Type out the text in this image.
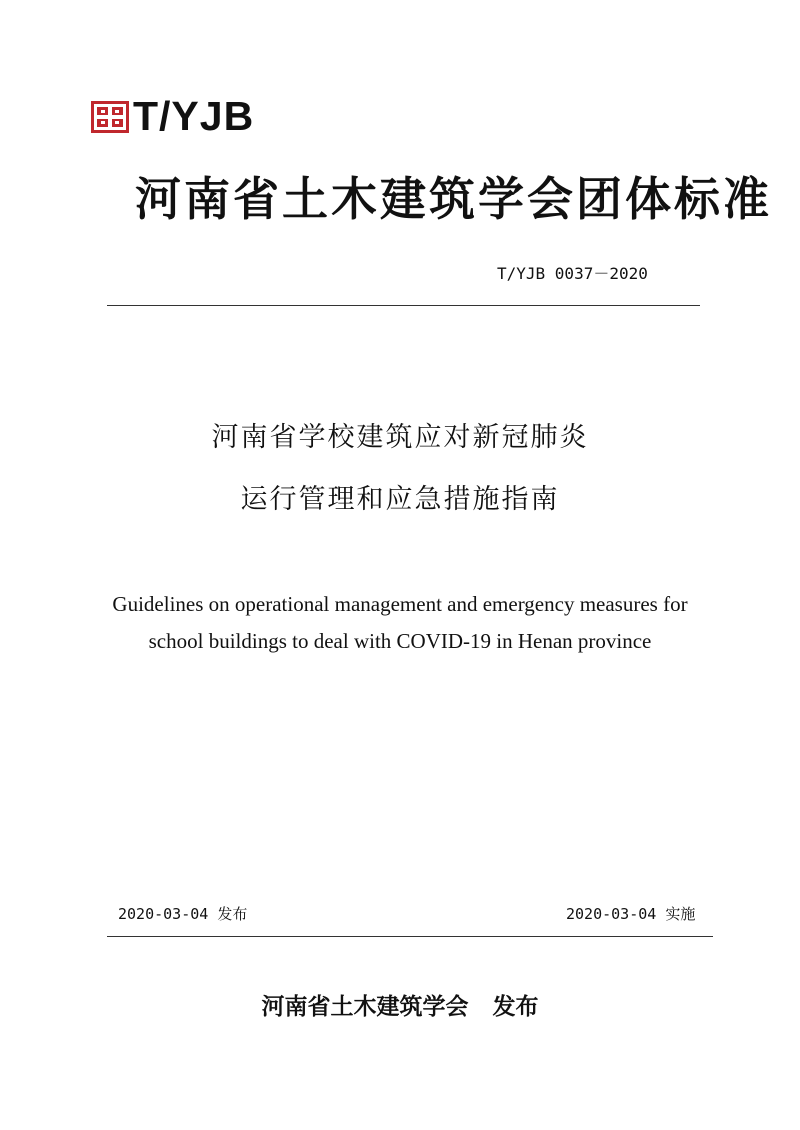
T/YJB
河南省土木建筑学会团体标准
T/YJB 0037－2020
河南省学校建筑应对新冠肺炎
运行管理和应急措施指南
Guidelines on operational management and emergency measures for
school buildings to deal with COVID-19 in Henan province
2020-03-04 发布	2020-03-04 实施
河南省土木建筑学会 发布
